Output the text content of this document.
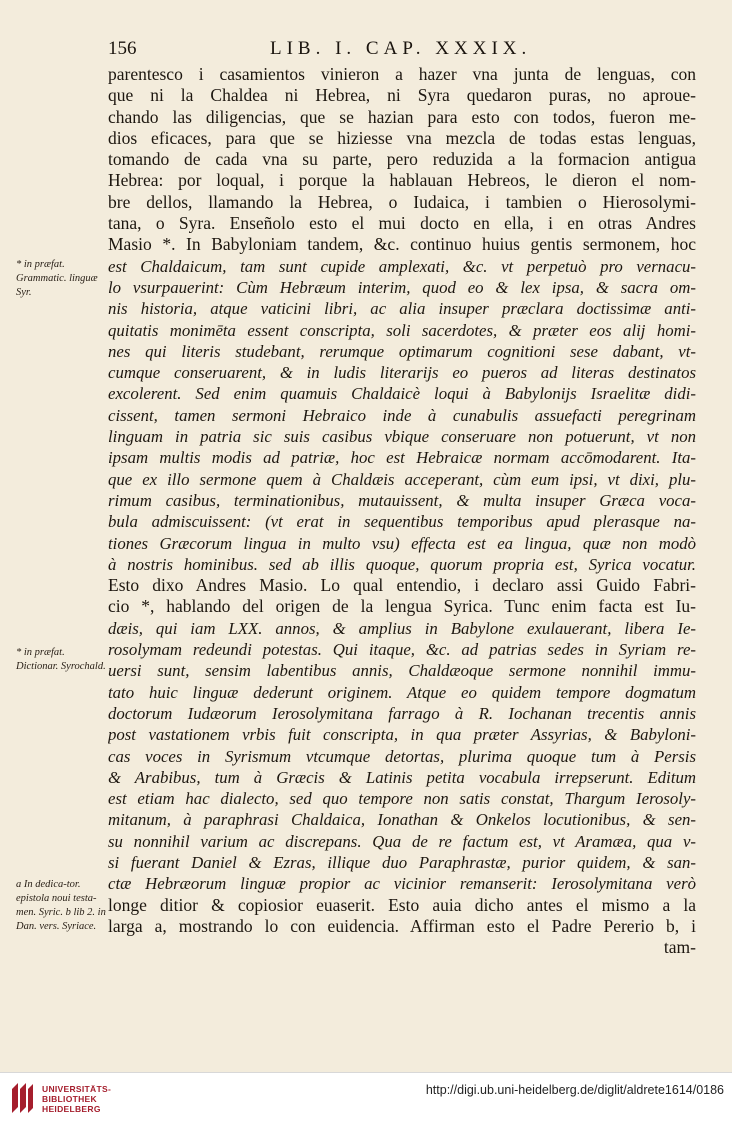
156	LIB. I. CAP. XXXIX.
parentesco i casamientos vinieron a hazer vna junta de lenguas, con
que ni la Chaldea ni Hebrea, ni Syra quedaron puras, no aproue-
chando las diligencias, que se hazian para esto con todos, fueron me-
dios eficaces, para que se hiziesse vna mezcla de todas estas lenguas,
tomando de cada vna su parte, pero reduzida a la formacion antigua
Hebrea: por loqual, i porque la hablauan Hebreos, le dieron el nom-
bre dellos, llamando la Hebrea, o Iudaica, i tambien o Hierosolymi-
tana, o Syra. Enseñolo esto el mui docto en ella, i en otras Andres
Masio *. In Babyloniam tandem, &c. continuo huius gentis sermonem, hoc
est Chaldaicum, tam sunt cupide amplexati, &c. vt perpetuò pro vernacu-
lo vsurpauerint: Cùm Hebræum interim, quod eo & lex ipsa, & sacra om-
nis historia, atque vaticini libri, ac alia insuper præclara doctissimæ anti-
quitatis monimēta essent conscripta, soli sacerdotes, & præter eos alij homi-
nes qui literis studebant, rerumque optimarum cognitioni sese dabant, vt-
cumque conseruarent, & in ludis literarijs eo pueros ad literas destinatos
excolerent. Sed enim quamuis Chaldaicè loqui à Babylonijs Israelitæ didi-
cissent, tamen sermoni Hebraico inde à cunabulis assuefacti peregrinam
linguam in patria sic suis casibus vbique conseruare non potuerunt, vt non
ipsam multis modis ad patriæ, hoc est Hebraicæ normam accōmodarent. Ita-
que ex illo sermone quem à Chaldæis acceperant, cùm eum ipsi, vt dixi, plu-
rimum casibus, terminationibus, mutauissent, & multa insuper Græca voca-
bula admiscuissent: (vt erat in sequentibus temporibus apud plerasque na-
tiones Græcorum lingua in multo vsu) effecta est ea lingua, quæ non modò
à nostris hominibus. sed ab illis quoque, quorum propria est, Syrica vocatur.
Esto dixo Andres Masio. Lo qual entendio, i declaro assi Guido Fabri-
cio *, hablando del origen de la lengua Syrica. Tunc enim facta est Iu-
dæis, qui iam LXX. annos, & amplius in Babylone exulauerant, libera Ie-
rosolymam redeundi potestas. Qui itaque, &c. ad patrias sedes in Syriam re-
uersi sunt, sensim labentibus annis, Chaldæoque sermone nonnihil immu-
tato huic linguæ dederunt originem. Atque eo quidem tempore dogmatum
doctorum Iudæorum Ierosolymitana farrago à R. Iochanan trecentis annis
post vastationem vrbis fuit conscripta, in qua præter Assyrias, & Babyloni-
cas voces in Syrismum vtcumque detortas, plurima quoque tum à Persis
& Arabibus, tum à Græcis & Latinis petita vocabula irrepserunt. Editum
est etiam hac dialecto, sed quo tempore non satis constat, Thargum Ierosoly-
mitanum, à paraphrasi Chaldaica, Ionathan & Onkelos locutionibus, & sen-
su nonnihil varium ac discrepans. Qua de re factum est, vt Aramæa, qua v-
si fuerant Daniel & Ezras, illique duo Paraphrastæ, purior quidem, & san-
ctæ Hebræorum linguæ propior ac vicinior remanserit: Ierosolymitana verò
longe ditior & copiosior euaserit. Esto auia dicho antes el mismo a la
larga a, mostrando lo con euidencia. Affirman esto el Padre Pererio b, i
tam-
* in præfat. Grammatic. linguæ Syr.
* in præfat. Dictionar. Syrochald.
a In dedica-tor. epistola noui testa-men. Syric. b lib 2. in Dan. vers. Syriace.
UNIVERSITÄTS-
BIBLIOTHEK
HEIDELBERG
http://digi.ub.uni-heidelberg.de/diglit/aldrete1614/0186
